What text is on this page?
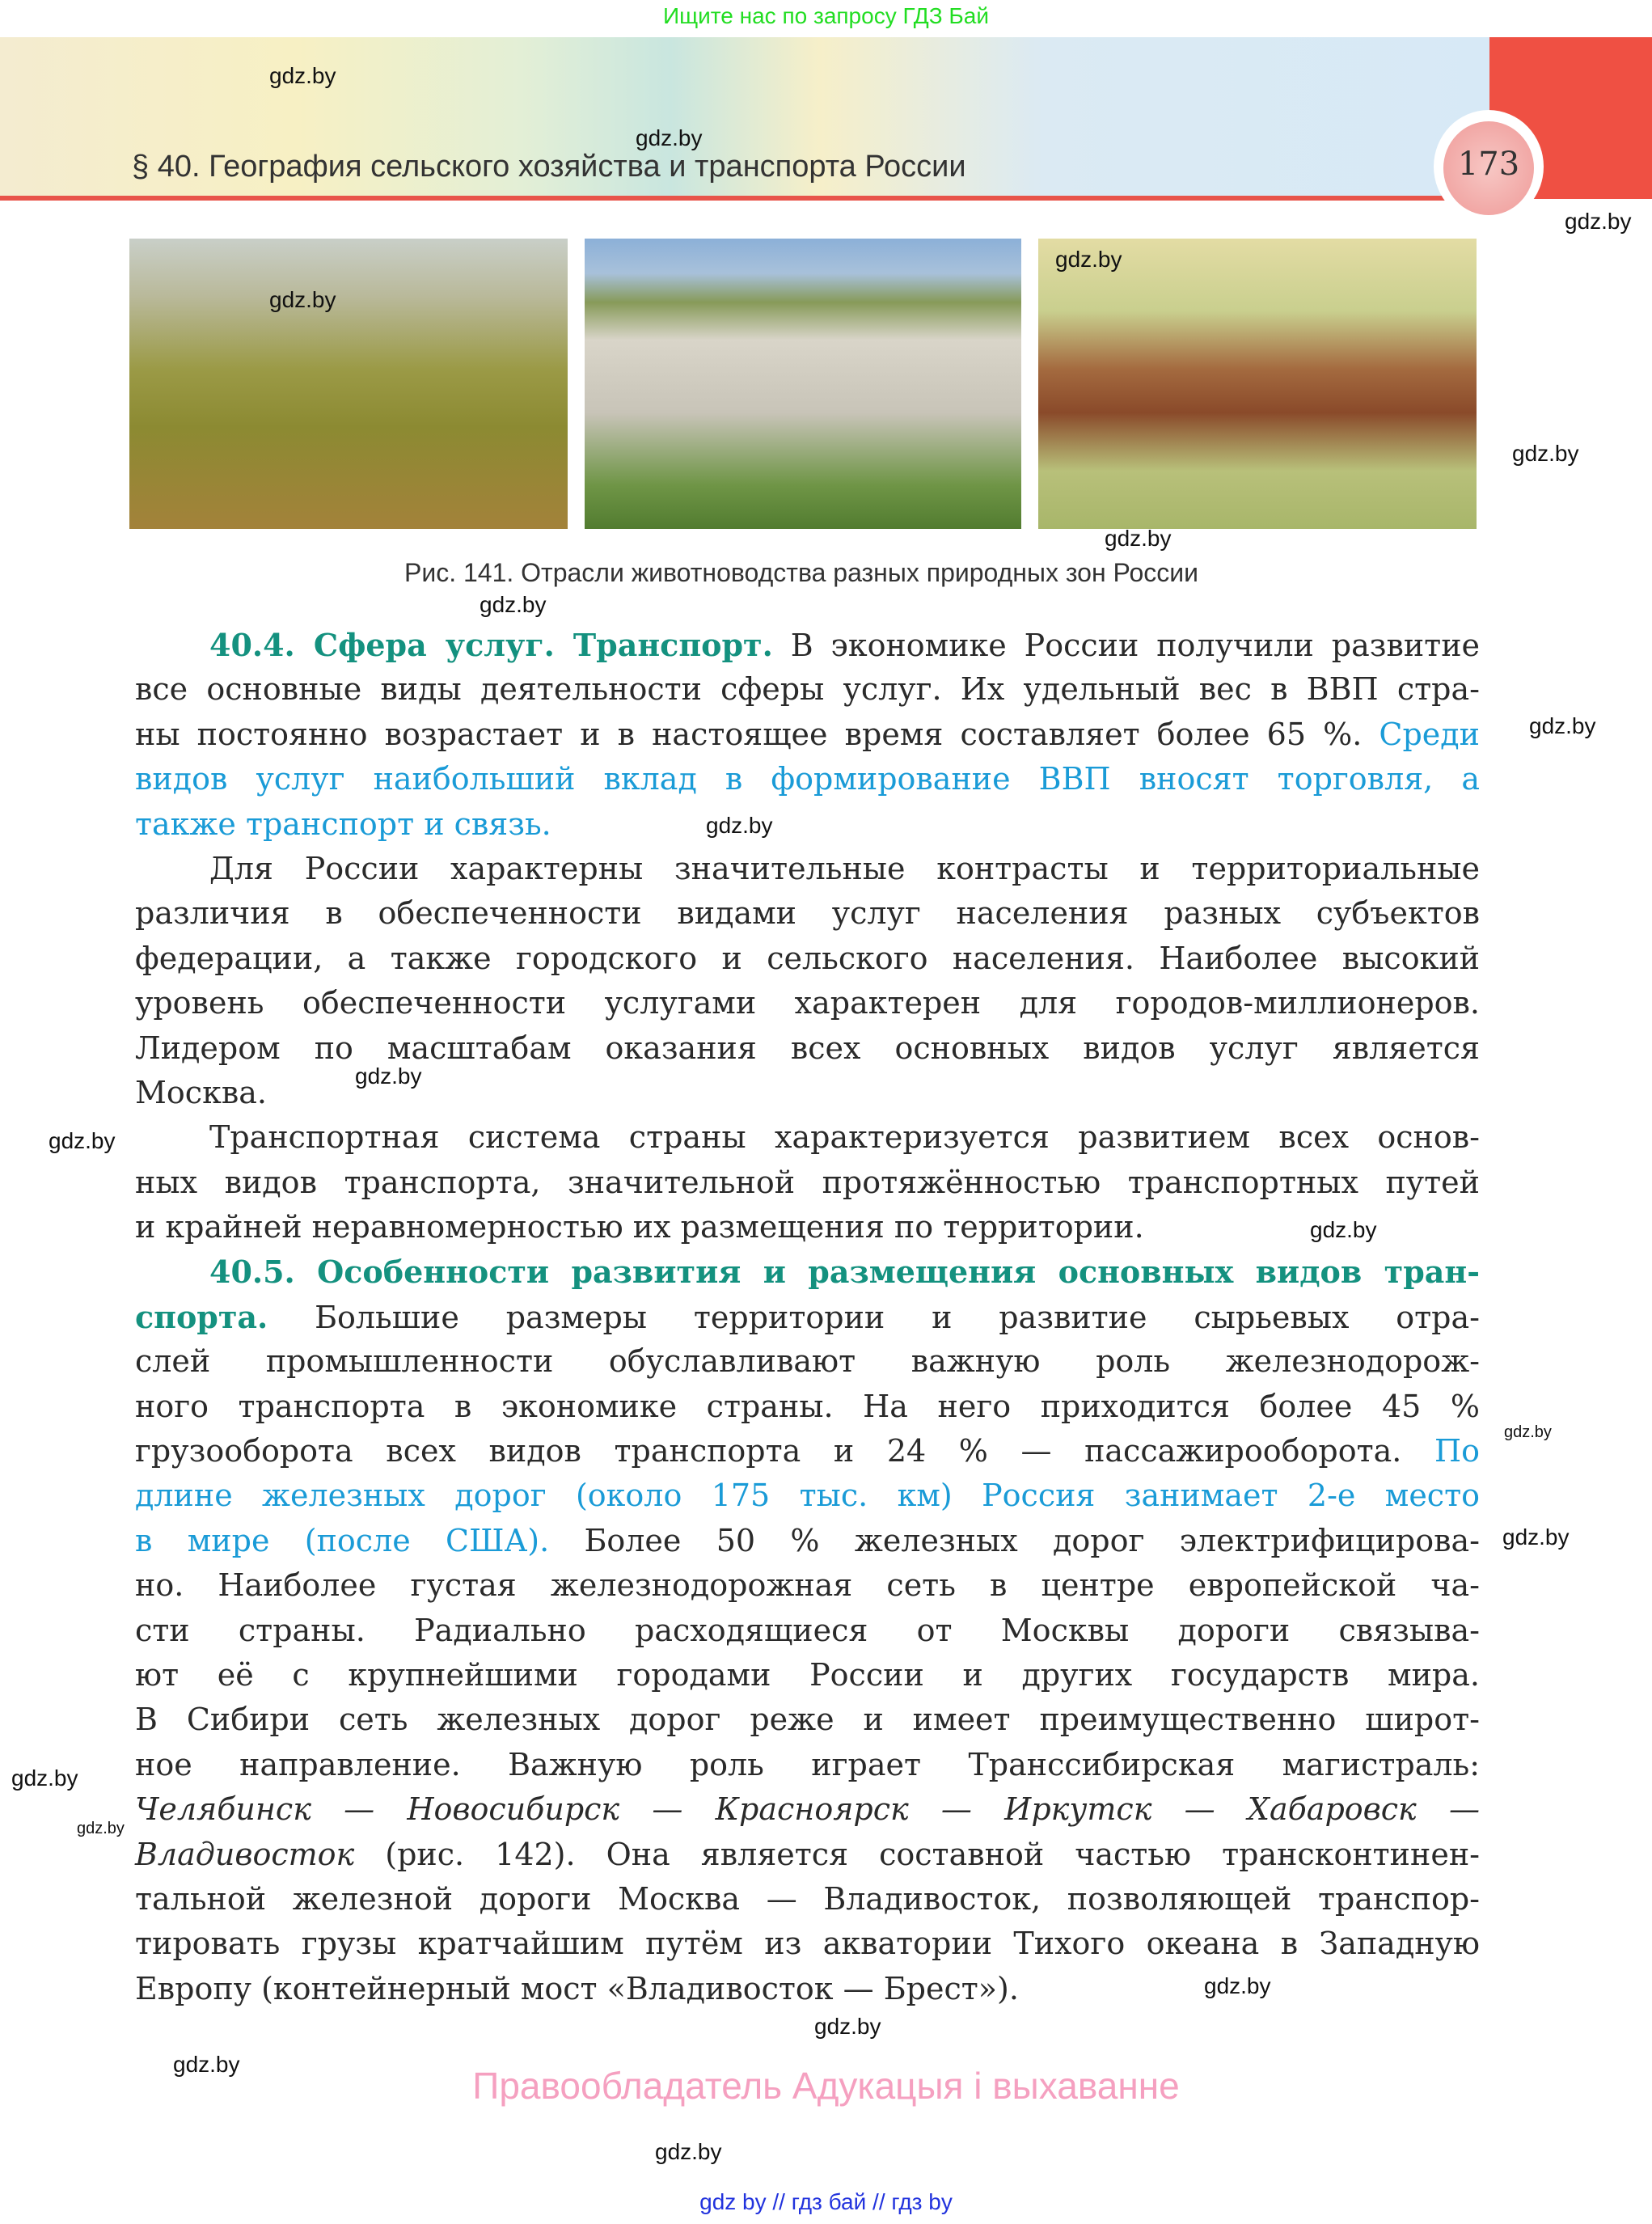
Ищите нас по запросу ГДЗ Бай
173
§ 40. География сельского хозяйства и транспорта России
Рис. 141. Отрасли животноводства разных природных зон России
40.4. Сфера услуг. Транспорт. В экономике России получили развитие
все основные виды деятельности сферы услуг. Их удельный вес в ВВП стра-
ны постоянно возрастает и в настоящее время составляет более 65 %. Среди
видов услуг наибольший вклад в формирование ВВП вносят торговля, а
также транспорт и связь.
Для России характерны значительные контрасты и территориальные
различия в обеспеченности видами услуг населения разных субъектов
федерации, а также городского и сельского населения. Наиболее высокий
уровень обеспеченности услугами характерен для городов-миллионеров.
Лидером по масштабам оказания всех основных видов услуг является
Москва.
Транспортная система страны характеризуется развитием всех основ-
ных видов транспорта, значительной протяжённостью транспортных путей
и крайней неравномерностью их размещения по территории.
40.5. Особенности развития и размещения основных видов тран-
спорта. Большие размеры территории и развитие сырьевых отра-
слей промышленности обуславливают важную роль железнодорож-
ного транспорта в экономике страны. На него приходится более 45 %
грузооборота всех видов транспорта и 24 % — пассажирооборота. По
длине железных дорог (около 175 тыс. км) Россия занимает 2-е место
в мире (после США). Более 50 % железных дорог электрифицирова-
но. Наиболее густая железнодорожная сеть в центре европейской ча-
сти страны. Радиально расходящиеся от Москвы дороги связыва-
ют её с крупнейшими городами России и других государств мира.
В Сибири сеть железных дорог реже и имеет преимущественно широт-
ное направление. Важную роль играет Транссибирская магистраль:
Челябинск — Новосибирск — Красноярск — Иркутск — Хабаровск —
Владивосток (рис. 142). Она является составной частью трансконтинен-
тальной железной дороги Москва — Владивосток, позволяющей транспор-
тировать грузы кратчайшим путём из акватории Тихого океана в Западную
Европу (контейнерный мост «Владивосток — Брест»).
gdz.by
gdz.by
gdz.by
gdz.by
gdz.by
gdz.by
gdz.by
gdz.by
gdz.by
gdz.by
gdz.by
gdz.by
gdz.by
gdz.by
gdz.by
gdz.by
gdz.by
gdz.by
gdz.by
gdz.by
gdz.by
Правообладатель Адукацыя і выхаванне
gdz by // гдз бай // гдз by
